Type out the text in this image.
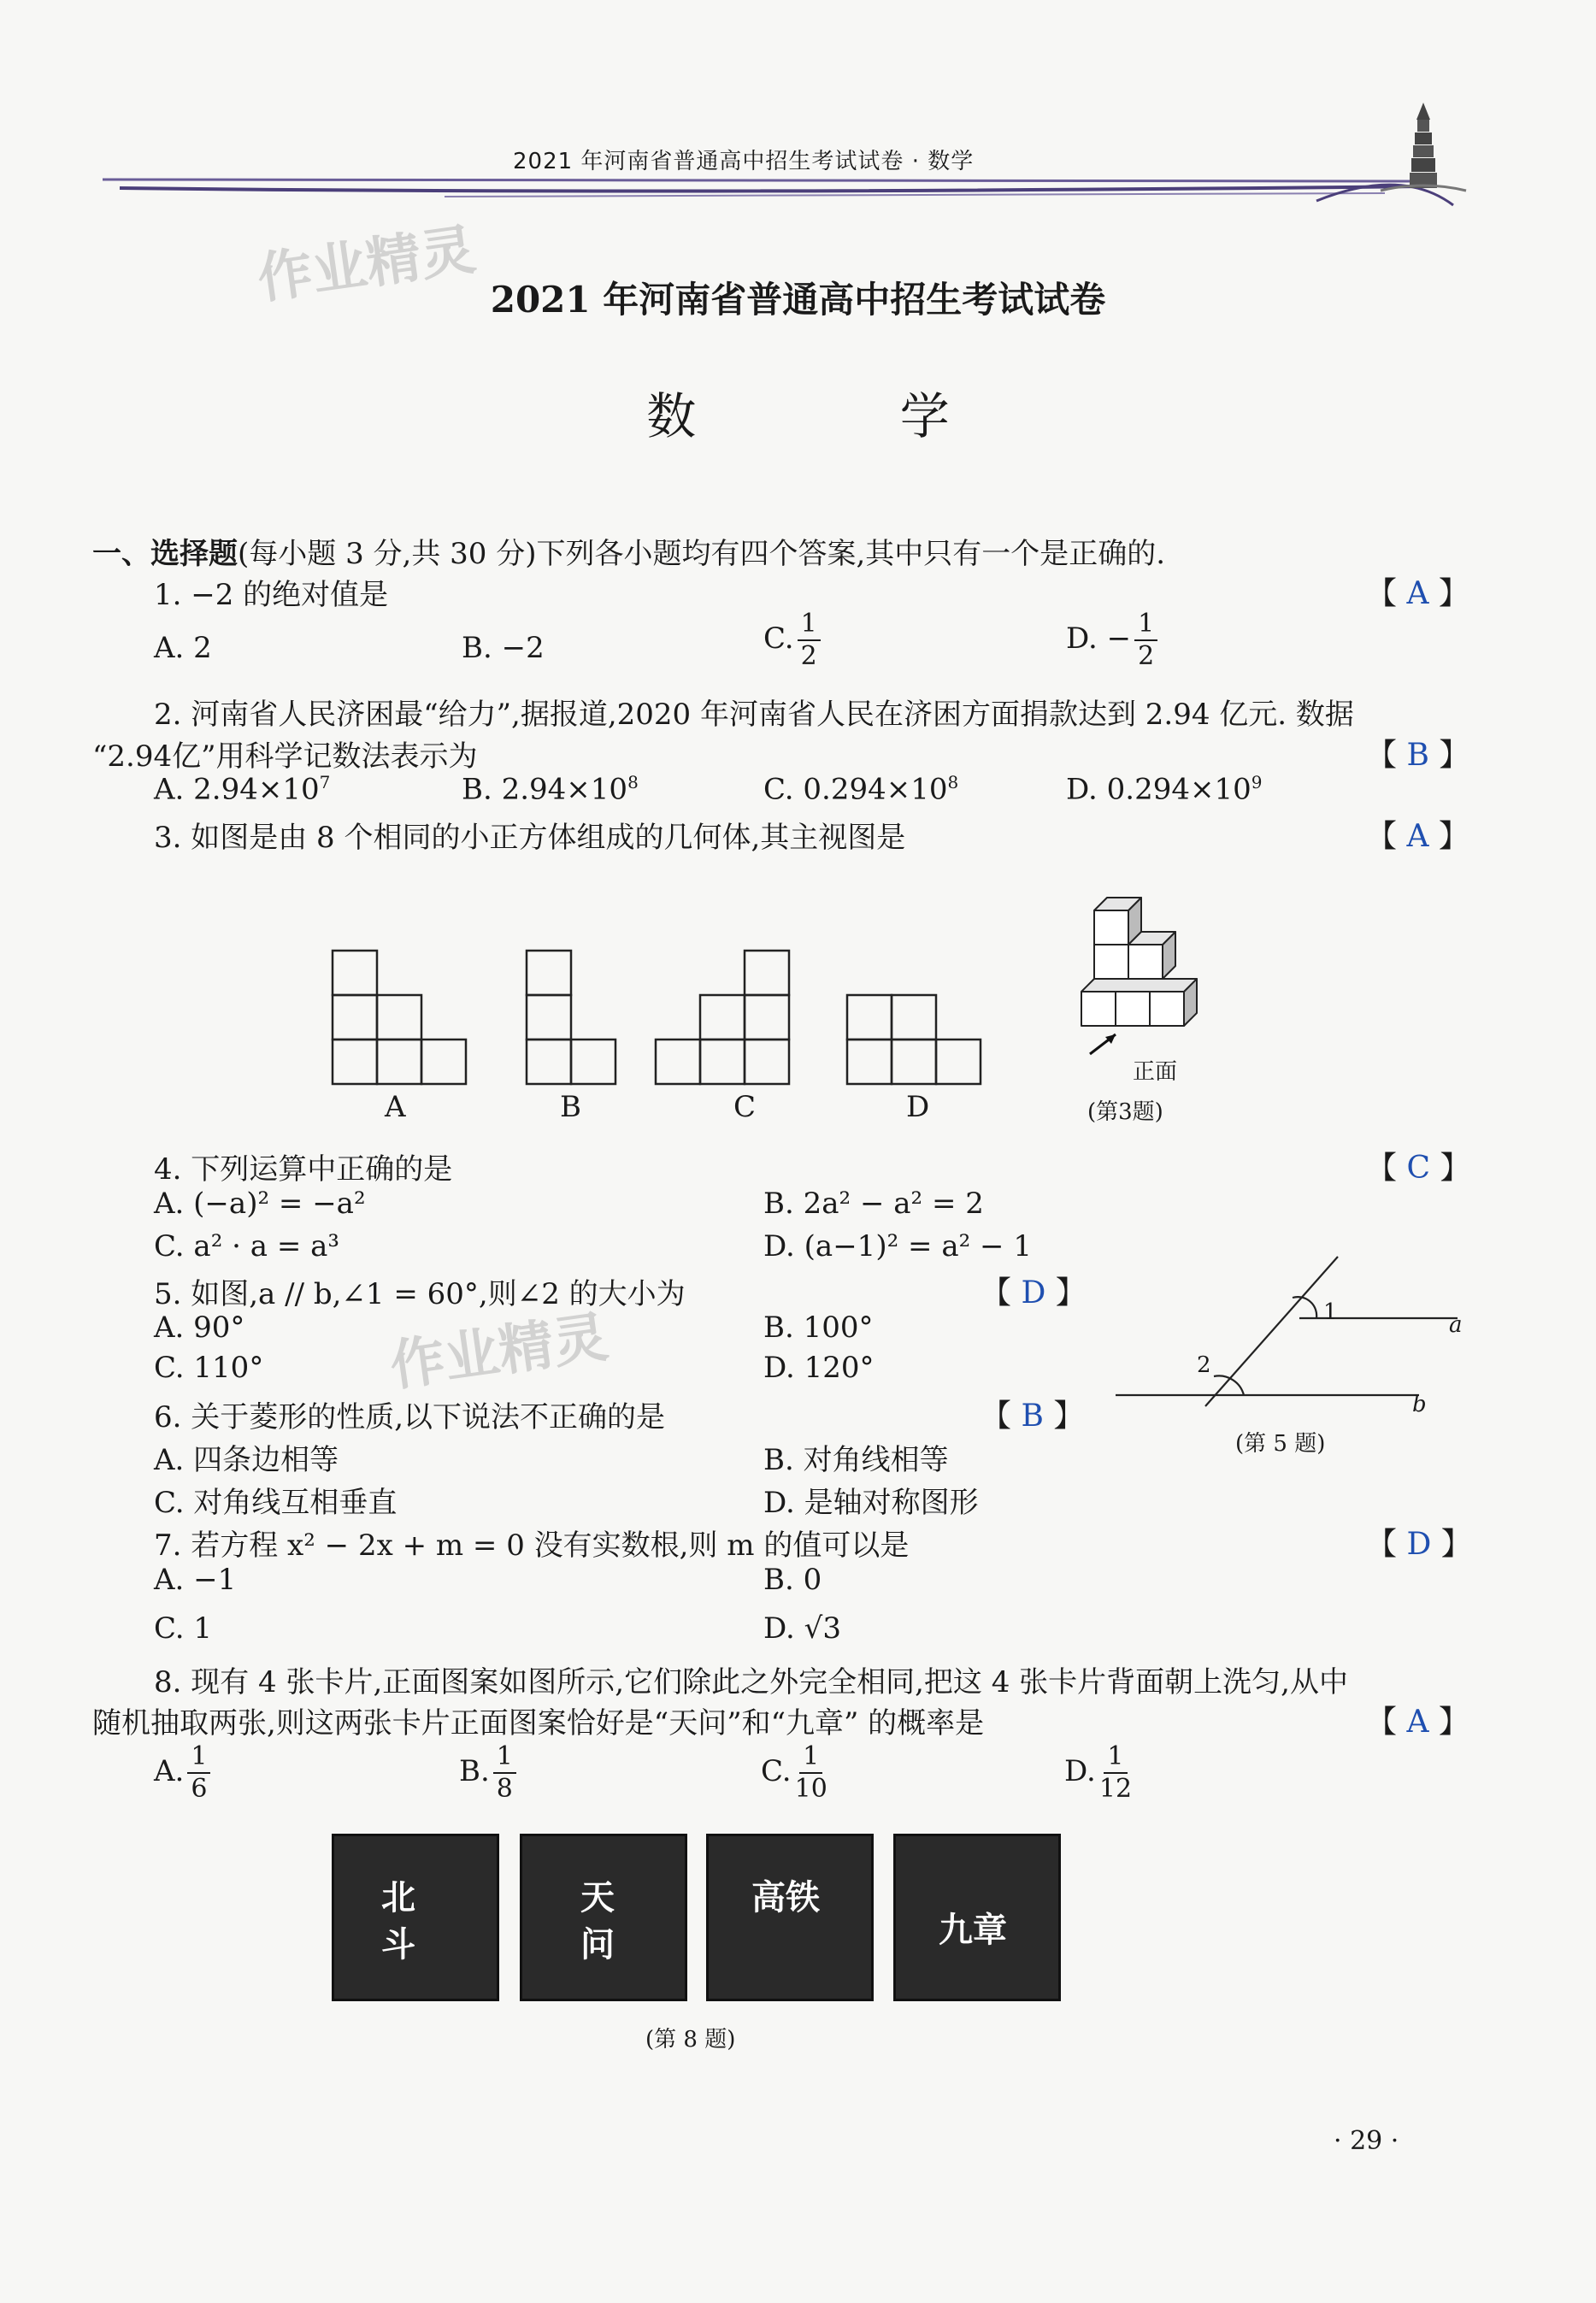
2021 年河南省普通高中招生考试试卷 · 数学
作业精灵
作业精灵
2021 年河南省普通高中招生考试试卷
数 学
一、选择题(每小题 3 分,共 30 分)下列各小题均有四个答案,其中只有一个是正确的.
1. −2 的绝对值是	【 A 】
A. 2	B. −2	C. $\frac{1}{2}$	D. − $\frac{1}{2}$
2. 河南省人民济困最“给力”,据报道,2020 年河南省人民在济困方面捐款达到 2.94 亿元. 数据
“2.94亿”用科学记数法表示为	【 B 】
A. $2.94\times 10^7$	B. $2.94\times 10^8$	C. $0.294\times 10^8$	D. $0.294\times 10^9$
3. 如图是由 8 个相同的小正方体组成的几何体,其主视图是	【 A 】
A	B	C	D
正面
(第3题)
4. 下列运算中正确的是	【 C 】
A. (−a)² = −a²	B. 2a² − a² = 2
C. a² · a = a³	D. (a−1)² = a² − 1
5. 如图,a // b,∠1 = 60°,则∠2 的大小为	【 D 】
A. 90°	B. 100°
C. 110°	D. 120°
1
2
a
b
(第 5 题)
6. 关于菱形的性质,以下说法不正确的是	【 B 】
A. 四条边相等	B. 对角线相等
C. 对角线互相垂直	D. 是轴对称图形
7. 若方程 x² − 2x + m = 0 没有实数根,则 m 的值可以是	【 D 】
A. −1	B. 0
C. 1	D. √3
8. 现有 4 张卡片,正面图案如图所示,它们除此之外完全相同,把这 4 张卡片背面朝上洗匀,从中
随机抽取两张,则这两张卡片正面图案恰好是“天问”和“九章” 的概率是	【 A 】
A. $\frac{1}{6}$	B. $\frac{1}{8}$	C. $\frac{1}{10}$	D. $\frac{1}{12}$
北
斗
天
问
高铁
九章
(第 8 题)
· 29 ·
